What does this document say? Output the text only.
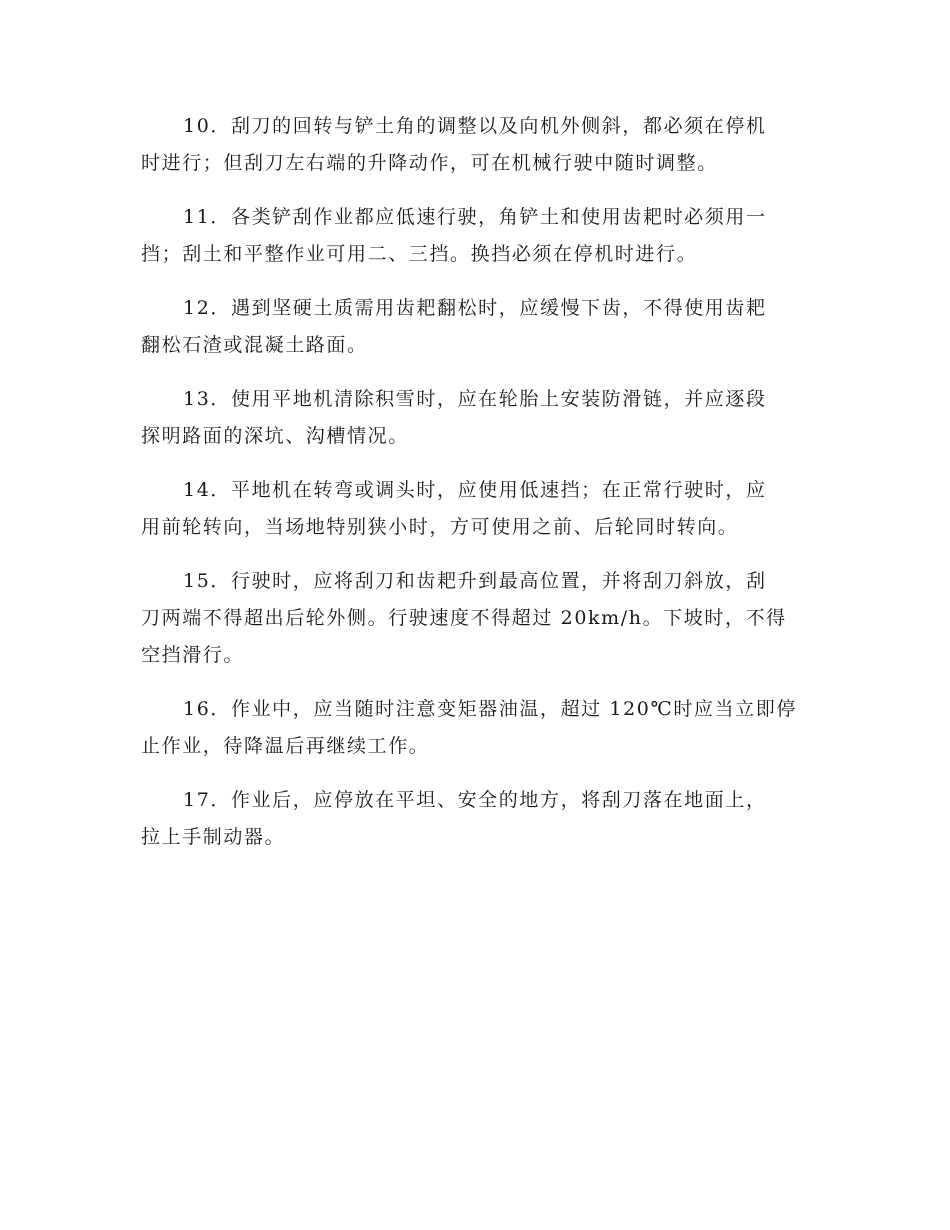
10．刮刀的回转与铲土角的调整以及向机外侧斜，都必须在停机
时进行；但刮刀左右端的升降动作，可在机械行驶中随时调整。

11．各类铲刮作业都应低速行驶，角铲土和使用齿耙时必须用一
挡；刮土和平整作业可用二、三挡。换挡必须在停机时进行。

12．遇到坚硬土质需用齿耙翻松时，应缓慢下齿，不得使用齿耙
翻松石渣或混凝土路面。

13．使用平地机清除积雪时，应在轮胎上安装防滑链，并应逐段
探明路面的深坑、沟槽情况。

14．平地机在转弯或调头时，应使用低速挡；在正常行驶时，应
用前轮转向，当场地特别狭小时，方可使用之前、后轮同时转向。

15．行驶时，应将刮刀和齿耙升到最高位置，并将刮刀斜放，刮
刀两端不得超出后轮外侧。行驶速度不得超过 20km/h。下坡时，不得
空挡滑行。

16．作业中，应当随时注意变矩器油温，超过 120℃时应当立即停
止作业，待降温后再继续工作。

17．作业后，应停放在平坦、安全的地方，将刮刀落在地面上，
拉上手制动器。
